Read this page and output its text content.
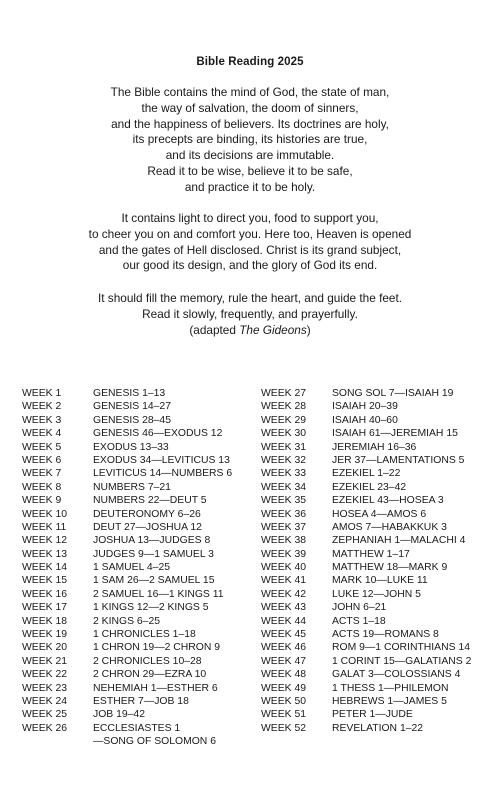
Bible Reading 2025
The Bible contains the mind of God, the state of man,
the way of salvation, the doom of sinners,
and the happiness of believers. Its doctrines are holy,
its precepts are binding, its histories are true,
and its decisions are immutable.
Read it to be wise, believe it to be safe,
and practice it to be holy.
It contains light to direct you, food to support you,
to cheer you on and comfort you. Here too, Heaven is opened
and the gates of Hell disclosed. Christ is its grand subject,
our good its design, and the glory of God its end.
It should fill the memory, rule the heart, and guide the feet.
Read it slowly, frequently, and prayerfully.
(adapted The Gideons)
WEEK 1	GENESIS 1–13
WEEK 2	GENESIS 14–27
WEEK 3	GENESIS 28–45
WEEK 4	GENESIS 46—EXODUS 12
WEEK 5	EXODUS 13–33
WEEK 6	EXODUS 34—LEVITICUS 13
WEEK 7	LEVITICUS 14—NUMBERS 6
WEEK 8	NUMBERS 7–21
WEEK 9	NUMBERS 22—DEUT 5
WEEK 10 DEUTERONOMY 6–26
WEEK 11	DEUT 27—JOSHUA 12
WEEK 12 JOSHUA 13—JUDGES 8
WEEK 13 JUDGES 9—1 SAMUEL 3
WEEK 14 1 SAMUEL 4–25
WEEK 15 1 SAM 26—2 SAMUEL 15
WEEK 16 2 SAMUEL 16—1 KINGS 11
WEEK 17 1 KINGS 12—2 KINGS 5
WEEK 18 2 KINGS 6–25
WEEK 19 1 CHRONICLES 1–18
WEEK 20 1 CHRON 19—2 CHRON 9
WEEK 21 2 CHRONICLES 10–28
WEEK 22 2 CHRON 29—EZRA 10
WEEK 23 NEHEMIAH 1—ESTHER 6
WEEK 24 ESTHER 7—JOB 18
WEEK 25 JOB 19–42
WEEK 26 ECCLESIASTES 1
—SONG OF SOLOMON 6
WEEK 27 SONG SOL 7—ISAIAH 19
WEEK 28 ISAIAH 20–39
WEEK 29 ISAIAH 40–60
WEEK 30 ISAIAH 61—JEREMIAH 15
WEEK 31 JEREMIAH 16–36
WEEK 32 JER 37—LAMENTATIONS 5
WEEK 33 EZEKIEL 1–22
WEEK 34 EZEKIEL 23–42
WEEK 35 EZEKIEL 43—HOSEA 3
WEEK 36 HOSEA 4—AMOS 6
WEEK 37 AMOS 7—HABAKKUK 3
WEEK 38 ZEPHANIAH 1—MALACHI 4
WEEK 39 MATTHEW 1–17
WEEK 40 MATTHEW 18—MARK 9
WEEK 41 MARK 10—LUKE 11
WEEK 42 LUKE 12—JOHN 5
WEEK 43 JOHN 6–21
WEEK 44 ACTS 1–18
WEEK 45 ACTS 19—ROMANS 8
WEEK 46 ROM 9—1 CORINTHIANS 14
WEEK 47 1 CORINT 15—GALATIANS 2
WEEK 48 GALAT 3—COLOSSIANS 4
WEEK 49 1 THESS 1—PHILEMON
WEEK 50 HEBREWS 1—JAMES 5
WEEK 51 PETER 1—JUDE
WEEK 52 REVELATION 1–22
